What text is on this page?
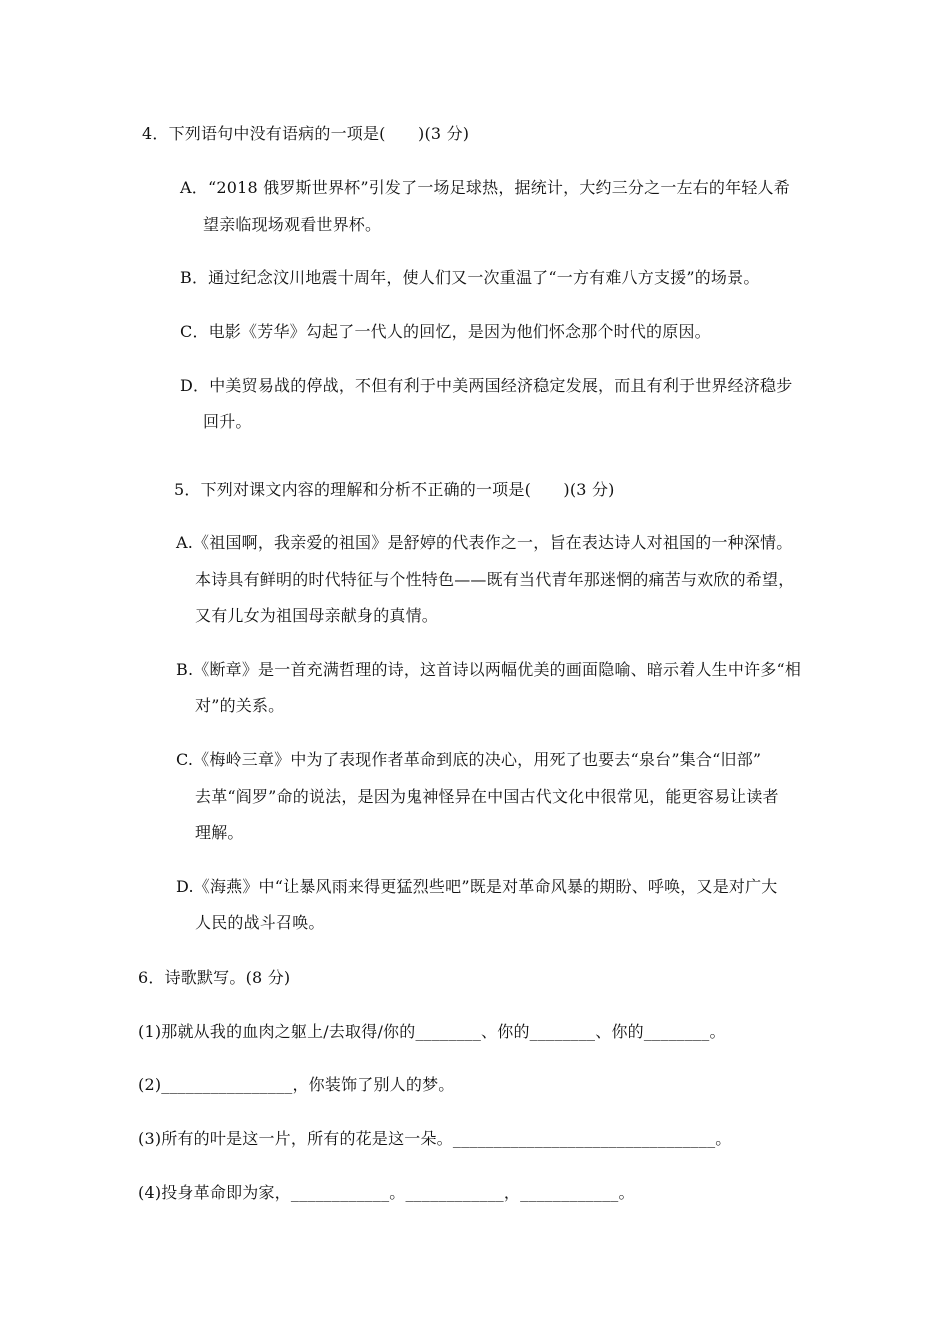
4．下列语句中没有语病的一项是(　　)(3 分)
A．“2018 俄罗斯世界杯”引发了一场足球热，据统计，大约三分之一左右的年轻人希
望亲临现场观看世界杯。
B．通过纪念汶川地震十周年，使人们又一次重温了“一方有难八方支援”的场景。
C．电影《芳华》勾起了一代人的回忆，是因为他们怀念那个时代的原因。
D．中美贸易战的停战，不但有利于中美两国经济稳定发展，而且有利于世界经济稳步
回升。
5．下列对课文内容的理解和分析不正确的一项是(　　)(3 分)
A.《祖国啊，我亲爱的祖国》是舒婷的代表作之一，旨在表达诗人对祖国的一种深情。
本诗具有鲜明的时代特征与个性特色——既有当代青年那迷惘的痛苦与欢欣的希望，
又有儿女为祖国母亲献身的真情。
B.《断章》是一首充满哲理的诗，这首诗以两幅优美的画面隐喻、暗示着人生中许多“相
对”的关系。
C.《梅岭三章》中为了表现作者革命到底的决心，用死了也要去“泉台”集合“旧部”
去革“阎罗”命的说法，是因为鬼神怪异在中国古代文化中很常见，能更容易让读者
理解。
D.《海燕》中“让暴风雨来得更猛烈些吧”既是对革命风暴的期盼、呼唤，又是对广大
人民的战斗召唤。
6．诗歌默写。(8 分)
(1)那就从我的血肉之躯上/去取得/你的________、你的________、你的________。
(2)________________，你装饰了别人的梦。
(3)所有的叶是这一片，所有的花是这一朵。________________________________。
(4)投身革命即为家，____________。____________，____________。
